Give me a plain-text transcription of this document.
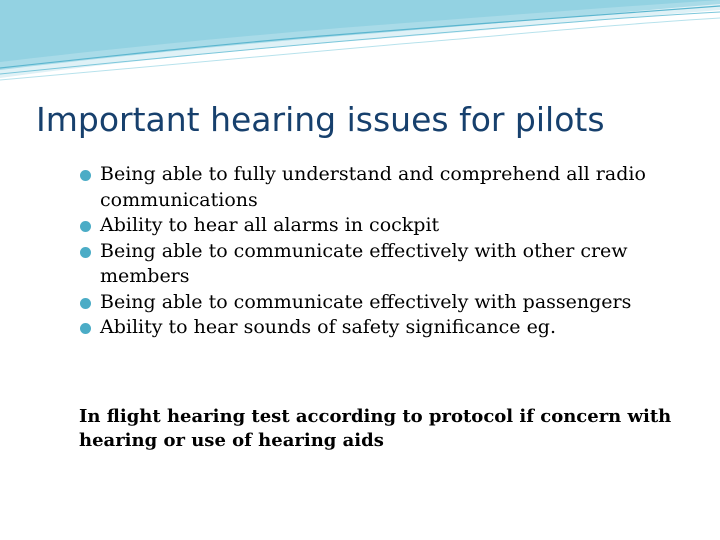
Important hearing issues for pilots
Being able to fully understand and comprehend all radio communications
Ability to hear all alarms in cockpit
Being able to communicate effectively with other crew members
Being able to communicate effectively with passengers
Ability to hear sounds of safety significance eg.

In flight hearing test according to protocol if concern with hearing or use of hearing aids
